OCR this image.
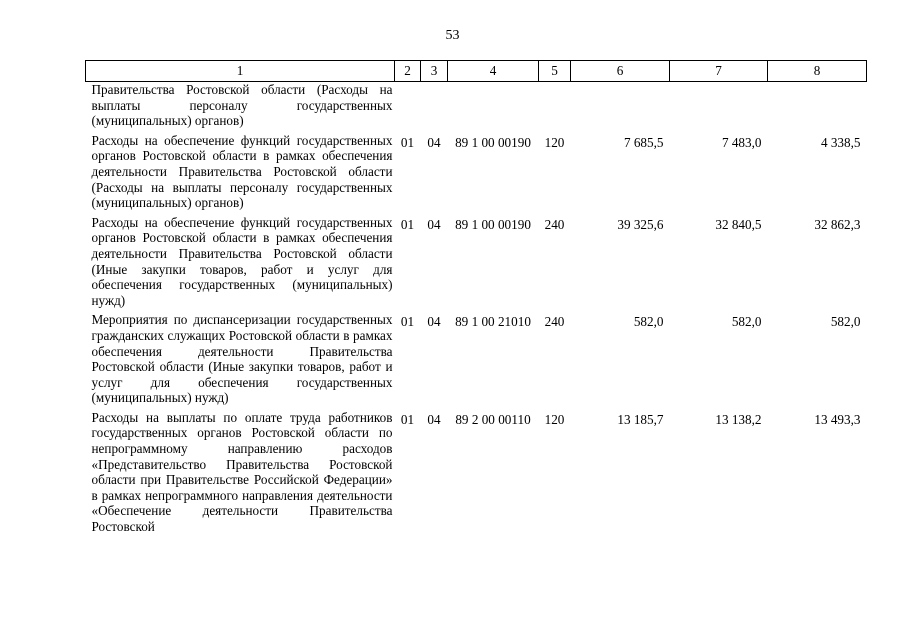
53
1	2	3	4	5	6	7	8
Правительства Ростовской области (Расходы на выплаты персоналу государственных (муниципальных) органов)							
Расходы на обеспечение функций государственных органов Ростовской области в рамках обеспечения деятельности Правительства Ростовской области (Расходы на выплаты персоналу государственных (муниципальных) органов)	01	04	89 1 00 00190	120	7 685,5	7 483,0	4 338,5
Расходы на обеспечение функций государственных органов Ростовской области в рамках обеспечения деятельности Правительства Ростовской области (Иные закупки товаров, работ и услуг для обеспечения государственных (муниципальных) нужд)	01	04	89 1 00 00190	240	39 325,6	32 840,5	32 862,3
Мероприятия по диспансеризации государственных гражданских служащих Ростовской области в рамках обеспечения деятельности Правительства Ростовской области (Иные закупки товаров, работ и услуг для обеспечения государственных (муниципальных) нужд)	01	04	89 1 00 21010	240	582,0	582,0	582,0
Расходы на выплаты по оплате труда работников государственных органов Ростовской области по непрограммному направлению расходов «Представительство Правительства Ростовской области при Правительстве Российской Федерации» в рамках непрограммного направления деятельности «Обеспечение деятельности Правительства Ростовской	01	04	89 2 00 00110	120	13 185,7	13 138,2	13 493,3
